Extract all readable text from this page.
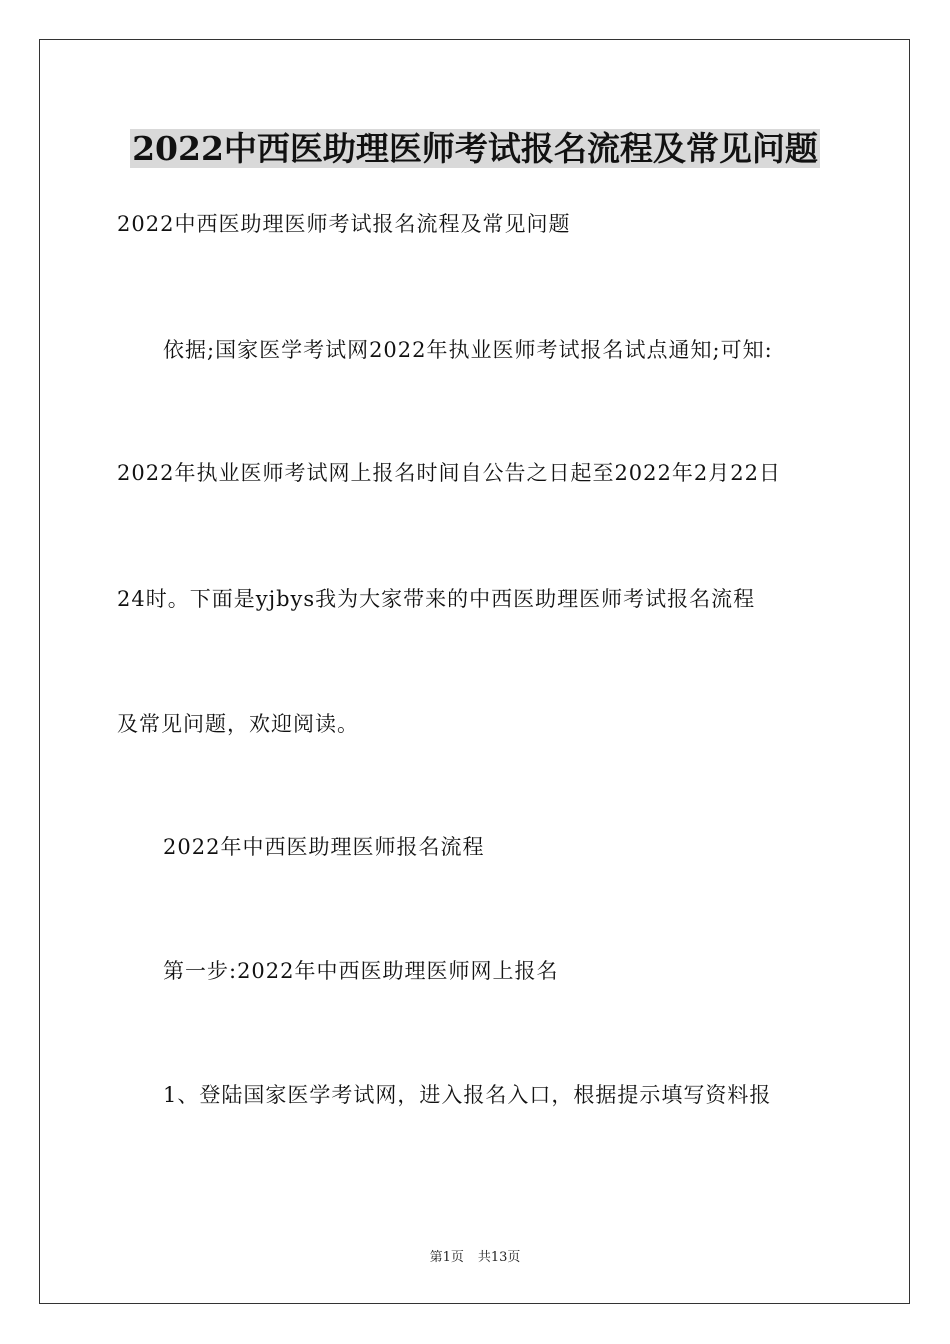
2022中西医助理医师考试报名流程及常见问题

2022中西医助理医师考试报名流程及常见问题

依据;国家医学考试网2022年执业医师考试报名试点通知;可知:

2022年执业医师考试网上报名时间自公告之日起至2022年2月22日

24时。下面是yjbys我为大家带来的中西医助理医师考试报名流程

及常见问题，欢迎阅读。

2022年中西医助理医师报名流程

第一步:2022年中西医助理医师网上报名

1、登陆国家医学考试网，进入报名入口，根据提示填写资料报

第1页 共13页
